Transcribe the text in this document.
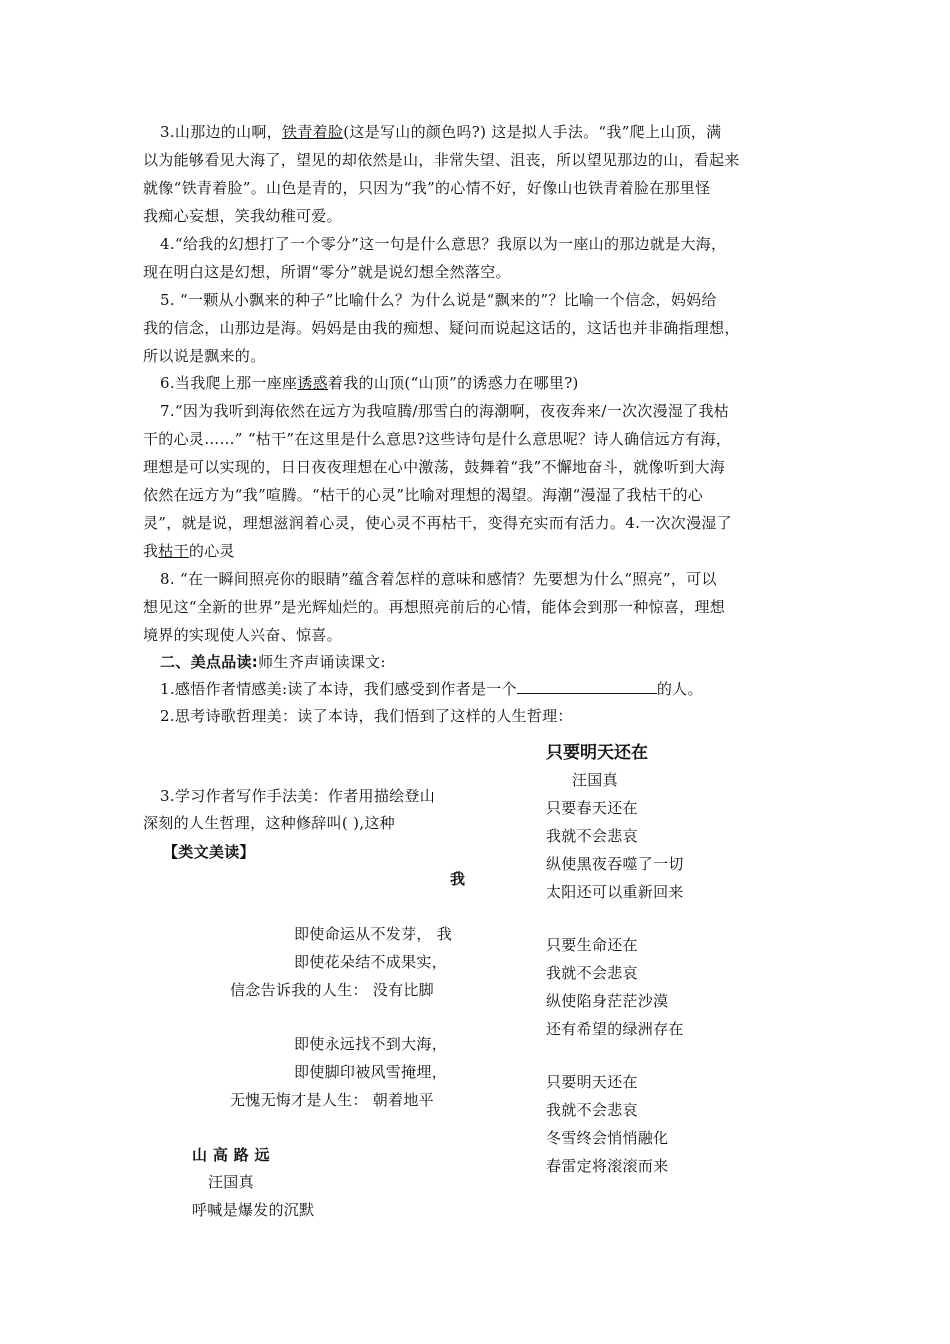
3.山那边的山啊，铁青着脸(这是写山的颜色吗?) 这是拟人手法。“我”爬上山顶，满
以为能够看见大海了，望见的却依然是山，非常失望、沮丧，所以望见那边的山，看起来
就像“铁青着脸”。山色是青的，只因为“我”的心情不好，好像山也铁青着脸在那里怪
我痴心妄想，笑我幼稚可爱。
4.“给我的幻想打了一个零分”这一句是什么意思？我原以为一座山的那边就是大海，
现在明白这是幻想，所谓“零分”就是说幻想全然落空。
5. “一颗从小飘来的种子”比喻什么？为什么说是“飘来的”？比喻一个信念，妈妈给
我的信念，山那边是海。妈妈是由我的痴想、疑问而说起这话的，这话也并非确指理想，
所以说是飘来的。
6.当我爬上那一座座诱惑着我的山顶(“山顶”的诱惑力在哪里?)
7.“因为我听到海依然在远方为我喧腾/那雪白的海潮啊，夜夜奔来/一次次漫湿了我枯
干的心灵……” “枯干”在这里是什么意思?这些诗句是什么意思呢？诗人确信远方有海，
理想是可以实现的，日日夜夜理想在心中激荡，鼓舞着“我”不懈地奋斗，就像听到大海
依然在远方为“我”喧腾。“枯干的心灵”比喻对理想的渴望。海潮“漫湿了我枯干的心
灵”，就是说，理想滋润着心灵，使心灵不再枯干，变得充实而有活力。4.一次次漫湿了
我枯干的心灵
8. “在一瞬间照亮你的眼睛”蕴含着怎样的意味和感情？先要想为什么“照亮”，可以
想见这“全新的世界”是光辉灿烂的。再想照亮前后的心情，能体会到那一种惊喜，理想
境界的实现使人兴奋、惊喜。
二、美点品读:师生齐声诵读课文:
1.感悟作者情感美:读了本诗，我们感受到作者是一个	的人。
2.思考诗歌哲理美：读了本诗，我们悟到了这样的人生哲理：
3.学习作者写作手法美：作者用描绘登山
深刻的人生哲理，这种修辞叫( ),这种
【类文美读】
我
即使命运从不发芽， 我
即使花朵结不成果实，
信念告诉我的人生： 没有比脚
即使永远找不到大海，
即使脚印被风雪掩埋，
无愧无悔才是人生： 朝着地平
山 高 路 远
汪国真
呼喊是爆发的沉默
只要明天还在
汪国真
只要春天还在
我就不会悲哀
纵使黑夜吞噬了一切
太阳还可以重新回来
只要生命还在
我就不会悲哀
纵使陷身茫茫沙漠
还有希望的绿洲存在
只要明天还在
我就不会悲哀
冬雪终会悄悄融化
春雷定将滚滚而来
